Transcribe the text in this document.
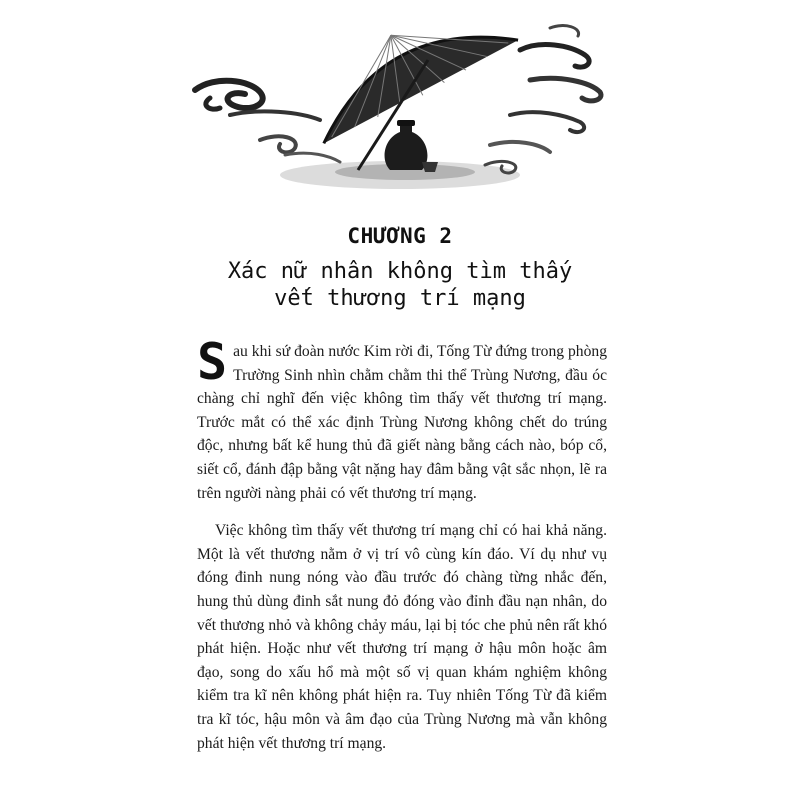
CHƯƠNG 2
Xác nữ nhân không tìm thấy
vết thương trí mạng

Sau khi sứ đoàn nước Kim rời đi, Tống Từ đứng trong phòng Trường Sinh nhìn chằm chằm thi thể Trùng Nương, đầu óc chàng chỉ nghĩ đến việc không tìm thấy vết thương trí mạng. Trước mắt có thể xác định Trùng Nương không chết do trúng độc, nhưng bất kể hung thủ đã giết nàng bằng cách nào, bóp cổ, siết cổ, đánh đập bằng vật nặng hay đâm bằng vật sắc nhọn, lẽ ra trên người nàng phải có vết thương trí mạng.

Việc không tìm thấy vết thương trí mạng chỉ có hai khả năng. Một là vết thương nằm ở vị trí vô cùng kín đáo. Ví dụ như vụ đóng đinh nung nóng vào đầu trước đó chàng từng nhắc đến, hung thủ dùng đinh sắt nung đỏ đóng vào đỉnh đầu nạn nhân, do vết thương nhỏ và không chảy máu, lại bị tóc che phủ nên rất khó phát hiện. Hoặc như vết thương trí mạng ở hậu môn hoặc âm đạo, song do xấu hổ mà một số vị quan khám nghiệm không kiểm tra kĩ nên không phát hiện ra. Tuy nhiên Tống Từ đã kiểm tra kĩ tóc, hậu môn và âm đạo của Trùng Nương mà vẫn không phát hiện vết thương trí mạng.
